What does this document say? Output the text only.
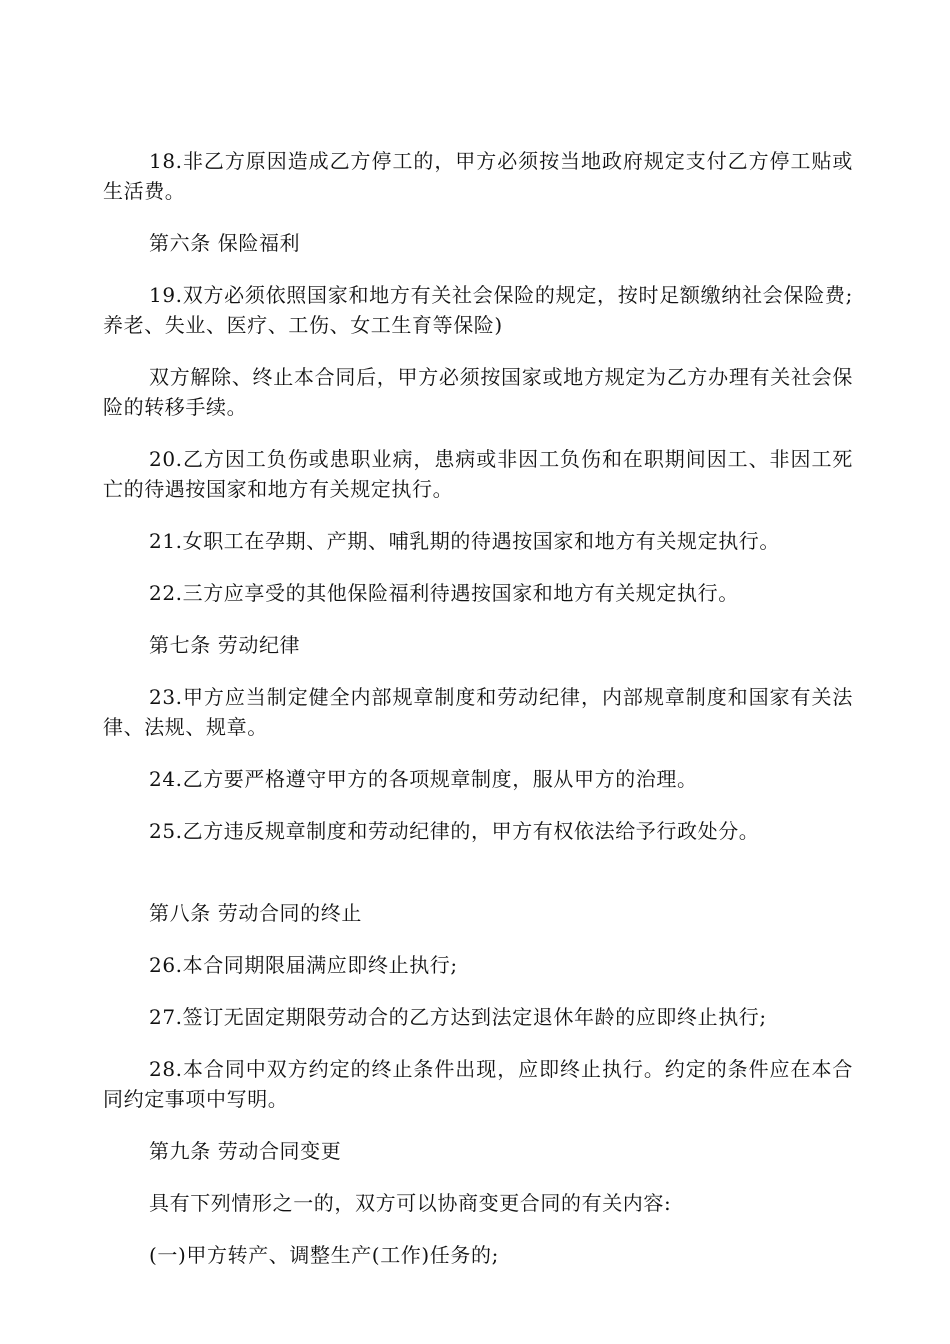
18.非乙方原因造成乙方停工的，甲方必须按当地政府规定支付乙方停工贴或生活费。

第六条 保险福利

19.双方必须依照国家和地方有关社会保险的规定，按时足额缴纳社会保险费;养老、失业、医疗、工伤、女工生育等保险)

双方解除、终止本合同后，甲方必须按国家或地方规定为乙方办理有关社会保险的转移手续。

20.乙方因工负伤或患职业病，患病或非因工负伤和在职期间因工、非因工死亡的待遇按国家和地方有关规定执行。

21.女职工在孕期、产期、哺乳期的待遇按国家和地方有关规定执行。

22.三方应享受的其他保险福利待遇按国家和地方有关规定执行。

第七条 劳动纪律

23.甲方应当制定健全内部规章制度和劳动纪律，内部规章制度和国家有关法律、法规、规章。

24.乙方要严格遵守甲方的各项规章制度，服从甲方的治理。

25.乙方违反规章制度和劳动纪律的，甲方有权依法给予行政处分。

第八条 劳动合同的终止

26.本合同期限届满应即终止执行;

27.签订无固定期限劳动合的乙方达到法定退休年龄的应即终止执行;

28.本合同中双方约定的终止条件出现，应即终止执行。约定的条件应在本合同约定事项中写明。

第九条 劳动合同变更

具有下列情形之一的，双方可以协商变更合同的有关内容:

(一)甲方转产、调整生产(工作)任务的;
